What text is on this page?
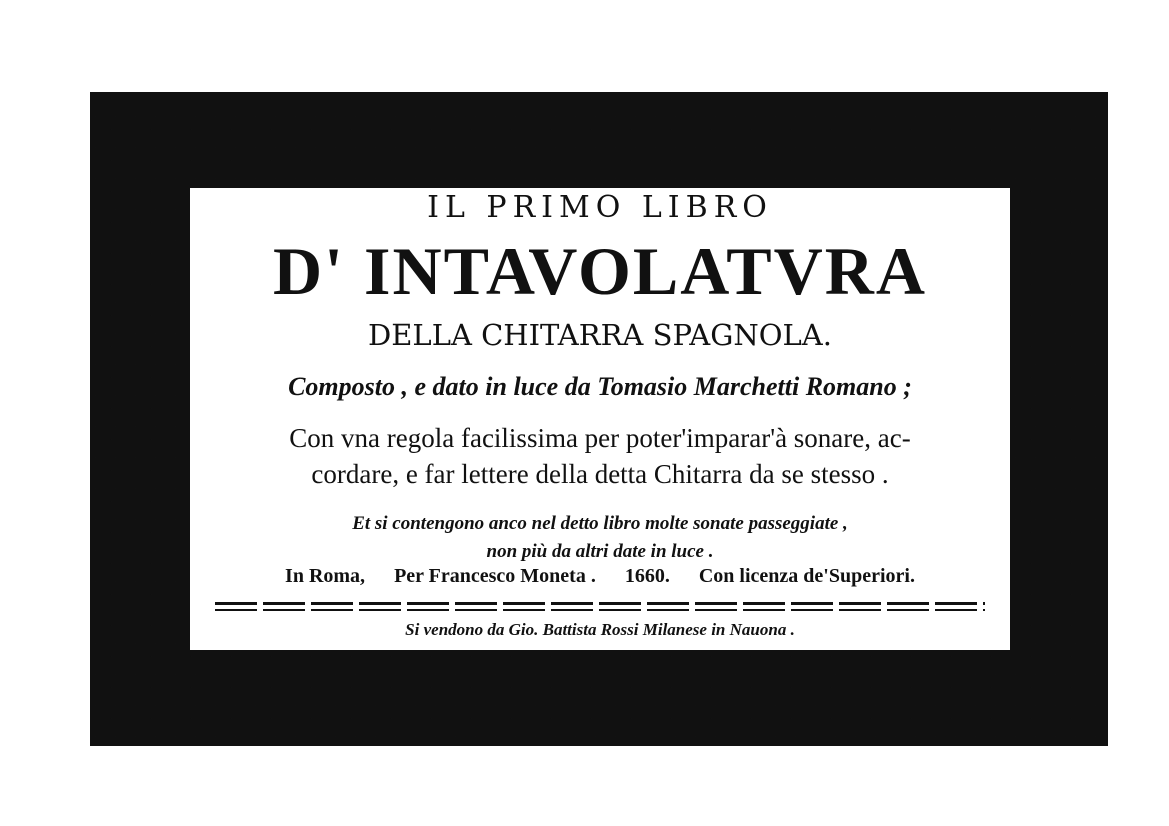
IL PRIMO LIBRO
D' INTAVOLATVRA
DELLA CHITARRA SPAGNOLA.
Composto , e dato in luce da Tomasio Marchetti Romano ;
Con vna regola facilissima per poter'imparar'à sonare, ac-
cordare, e far lettere della detta Chitarra da se stesso .
Et si contengono anco nel detto libro molte sonate passeggiate ,
non più da altri date in luce .
In Roma, Per Francesco Moneta . 1660. Con licenza de'Superiori.
Si vendono da Gio. Battista Rossi Milanese in Nauona .
